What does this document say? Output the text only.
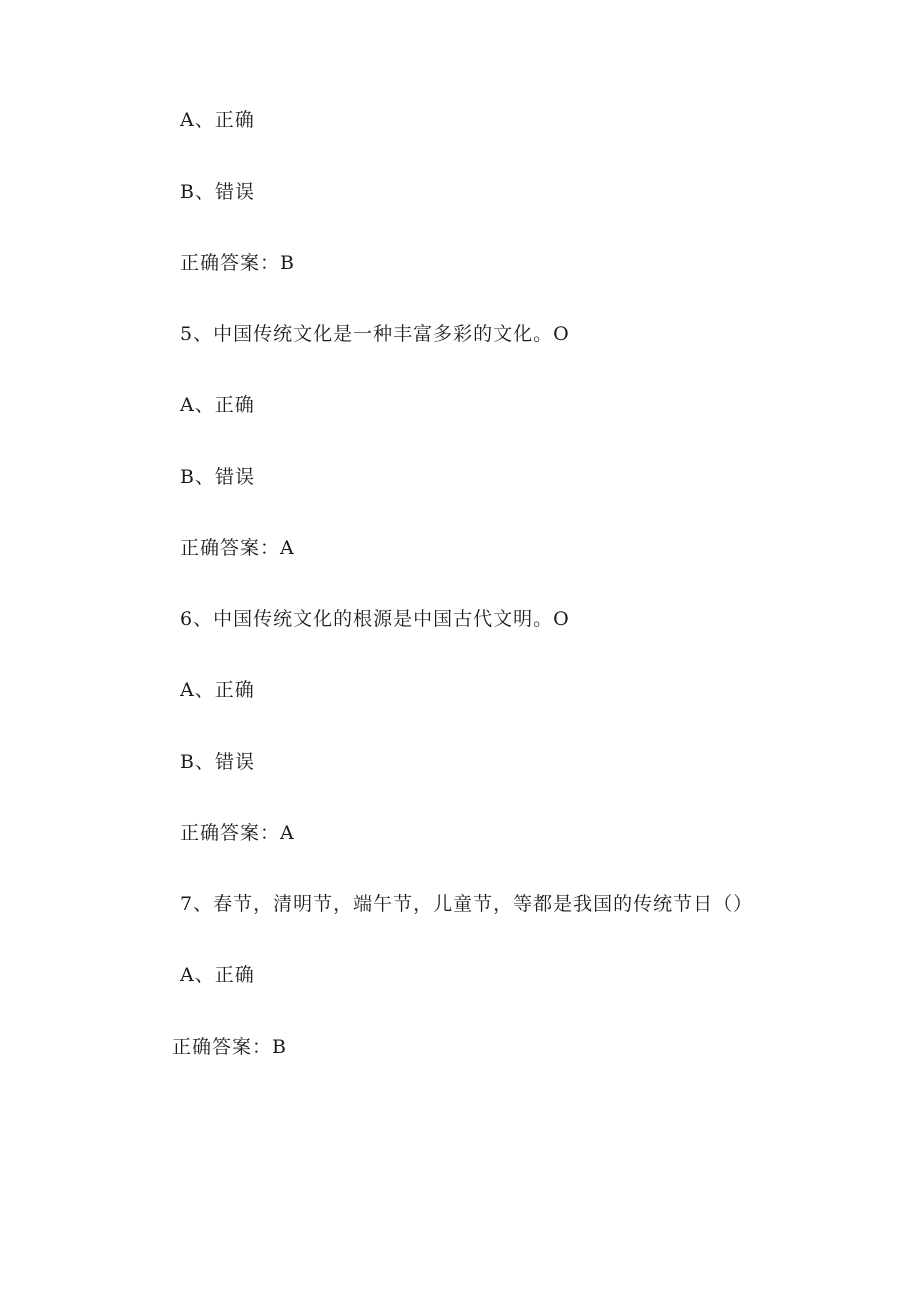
A、正确
B、错误
正确答案：B
5、中国传统文化是一种丰富多彩的文化。O
A、正确
B、错误
正确答案：A
6、中国传统文化的根源是中国古代文明。O
A、正确
B、错误
正确答案：A
7、春节，清明节，端午节，儿童节，等都是我国的传统节日（）
A、正确
正确答案：B
